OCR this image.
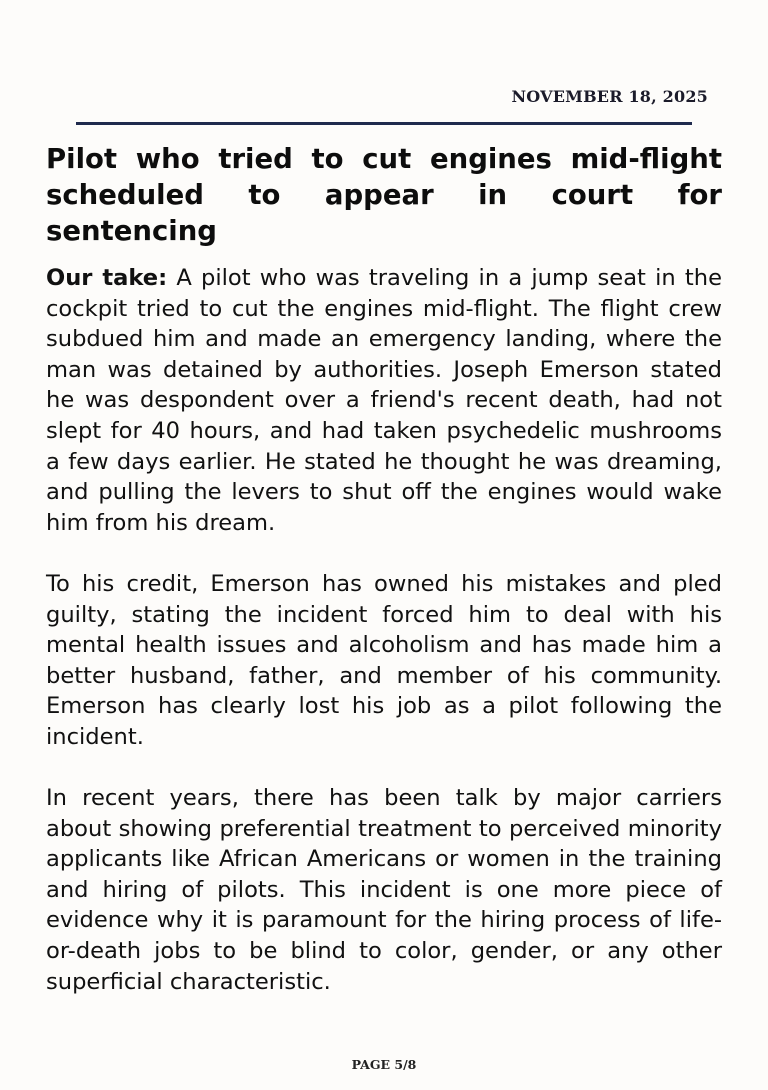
NOVEMBER 18, 2025

Pilot who tried to cut engines mid-flight
scheduled to appear in court for sentencing

Our take: A pilot who was traveling in a jump seat in the cockpit tried to cut the engines mid-flight. The flight crew subdued him and made an emergency landing, where the man was detained by authorities. Joseph Emerson stated he was despondent over a friend's recent death, had not slept for 40 hours, and had taken psychedelic mushrooms a few days earlier. He stated he thought he was dreaming, and pulling the levers to shut off the engines would wake him from his dream.

To his credit, Emerson has owned his mistakes and pled guilty, stating the incident forced him to deal with his mental health issues and alcoholism and has made him a better husband, father, and member of his community. Emerson has clearly lost his job as a pilot following the incident.

In recent years, there has been talk by major carriers about showing preferential treatment to perceived minority applicants like African Americans or women in the training and hiring of pilots. This incident is one more piece of evidence why it is paramount for the hiring process of life-or-death jobs to be blind to color, gender, or any other superficial characteristic.

PAGE 5/8
